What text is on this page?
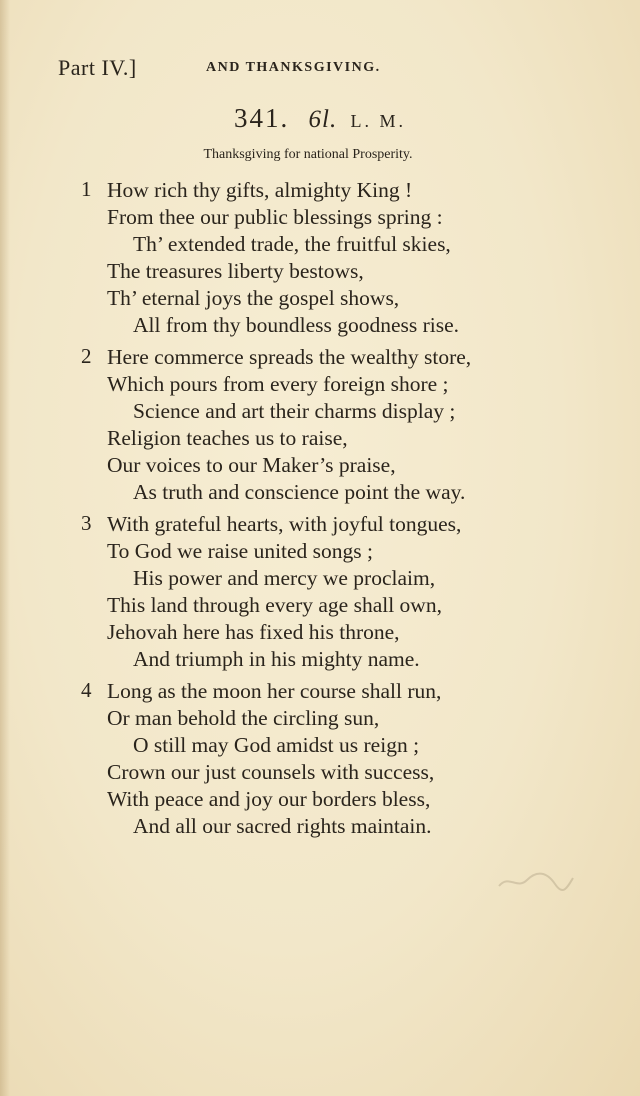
Part IV.]	AND THANKSGIVING.
341. 6l. L. M.
Thanksgiving for national Prosperity.
1 How rich thy gifts, almighty King !
From thee our public blessings spring :
Th’ extended trade, the fruitful skies,
The treasures liberty bestows,
Th’ eternal joys the gospel shows,
All from thy boundless goodness rise.
2 Here commerce spreads the wealthy store,
Which pours from every foreign shore ;
Science and art their charms display ;
Religion teaches us to raise,
Our voices to our Maker’s praise,
As truth and conscience point the way.
3 With grateful hearts, with joyful tongues,
To God we raise united songs ;
His power and mercy we proclaim,
This land through every age shall own,
Jehovah here has fixed his throne,
And triumph in his mighty name.
4 Long as the moon her course shall run,
Or man behold the circling sun,
O still may God amidst us reign ;
Crown our just counsels with success,
With peace and joy our borders bless,
And all our sacred rights maintain.
